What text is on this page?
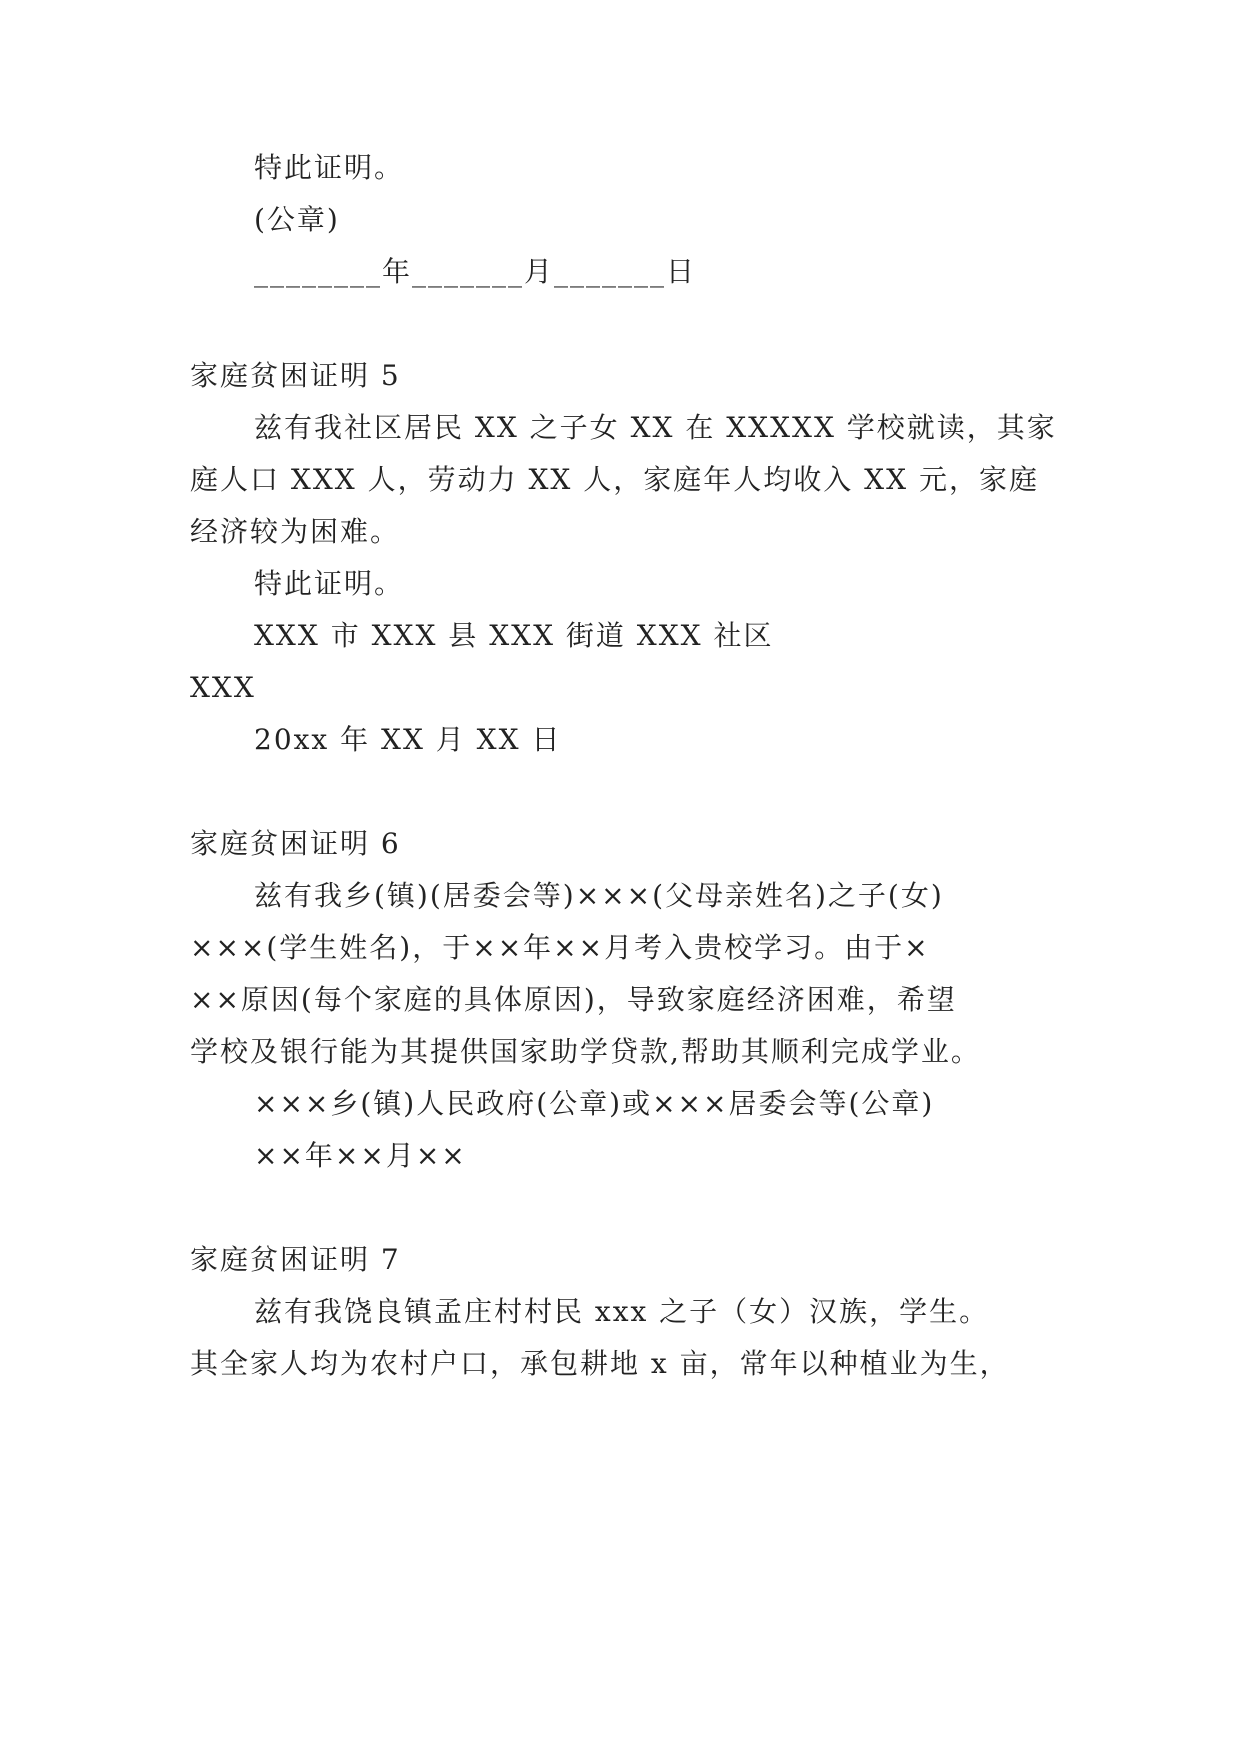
特此证明。
(公章)
________年_______月_______日
家庭贫困证明 5
兹有我社区居民 XX 之子女 XX 在 XXXXX 学校就读，其家
庭人口 XXX 人，劳动力 XX 人，家庭年人均收入 XX 元，家庭
经济较为困难。
特此证明。
XXX 市 XXX 县 XXX 街道 XXX 社区
XXX
20xx 年 XX 月 XX 日
家庭贫困证明 6
兹有我乡(镇)(居委会等)×××(父母亲姓名)之子(女)
×××(学生姓名)，于××年××月考入贵校学习。由于×
××原因(每个家庭的具体原因)，导致家庭经济困难，希望
学校及银行能为其提供国家助学贷款,帮助其顺利完成学业。
×××乡(镇)人民政府(公章)或×××居委会等(公章)
××年××月××
家庭贫困证明 7
兹有我饶良镇孟庄村村民 xxx 之子（女）汉族，学生。
其全家人均为农村户口，承包耕地 x 亩，常年以种植业为生，
